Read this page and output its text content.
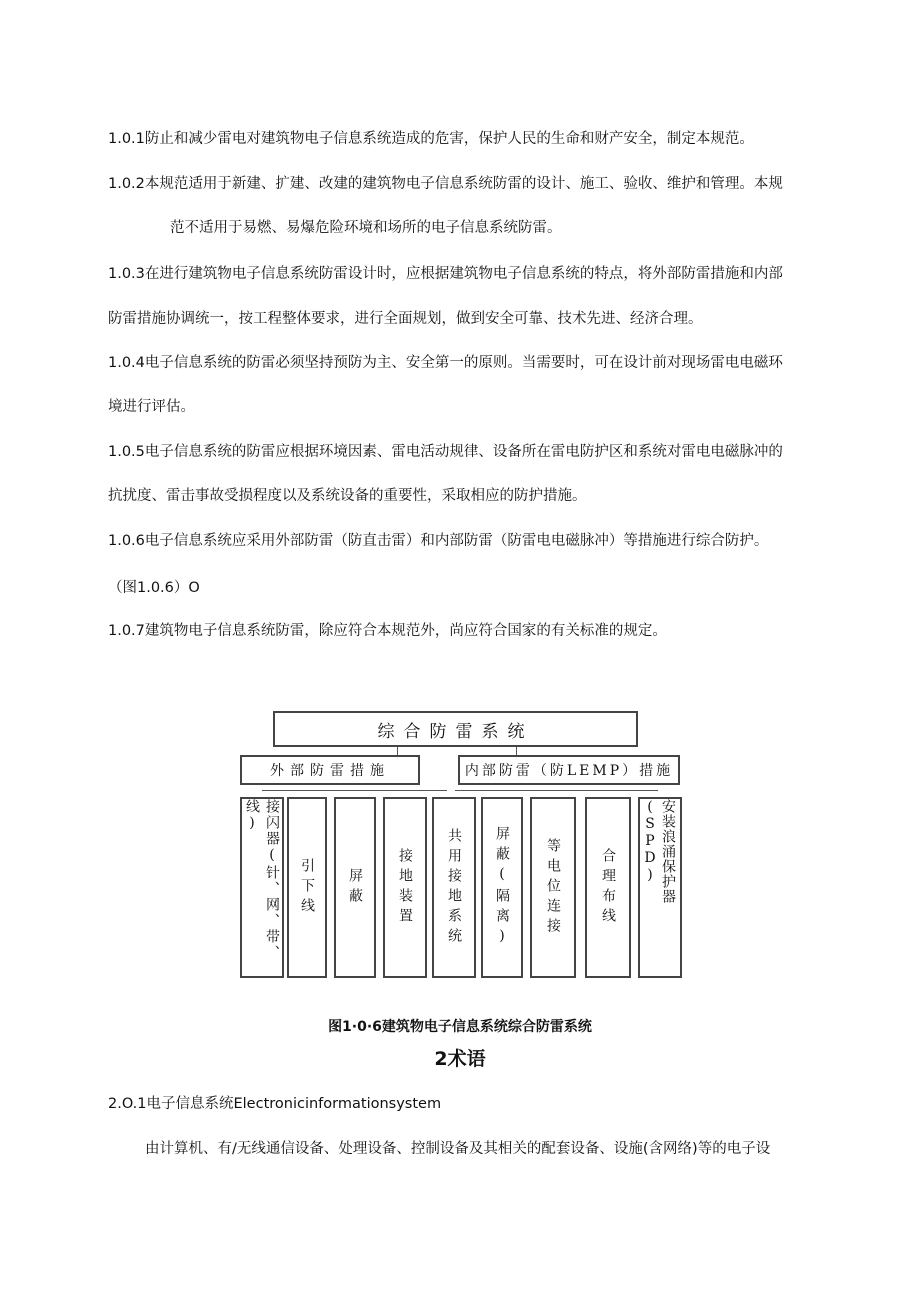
1.0.1防止和减少雷电对建筑物电子信息系统造成的危害，保护人民的生命和财产安全，制定本规范。
1.0.2本规范适用于新建、扩建、改建的建筑物电子信息系统防雷的设计、施工、验收、维护和管理。本规
范不适用于易燃、易爆危险环境和场所的电子信息系统防雷。
1.0.3在进行建筑物电子信息系统防雷设计时，应根据建筑物电子信息系统的特点，将外部防雷措施和内部
防雷措施协调统一，按工程整体要求，进行全面规划，做到安全可靠、技术先进、经济合理。
1.0.4电子信息系统的防雷必须坚持预防为主、安全第一的原则。当需要时，可在设计前对现场雷电电磁环
境进行评估。
1.0.5电子信息系统的防雷应根据环境因素、雷电活动规律、设备所在雷电防护区和系统对雷电电磁脉冲的
抗扰度、雷击事故受损程度以及系统设备的重要性，采取相应的防护措施。
1.0.6电子信息系统应采用外部防雷（防直击雷）和内部防雷（防雷电电磁脉冲）等措施进行综合防护。
（图1.0.6）O
1.0.7建筑物电子信息系统防雷，除应符合本规范外，尚应符合国家的有关标准的规定。
综合防雷系统
外部防雷措施	内部防雷（防LEMP）措施
接闪器(针、网、带、线)
引下线 屏蔽 接地装置 共用接地系统 屏蔽(隔离)	等电位连接	合理布线	安装浪涌保护器(SPD)
图1·0·6建筑物电子信息系统综合防雷系统
2术语
2.O.1电子信息系统Electronicinformationsystem
由计算机、有/无线通信设备、处理设备、控制设备及其相关的配套设备、设施(含网络)等的电子设
